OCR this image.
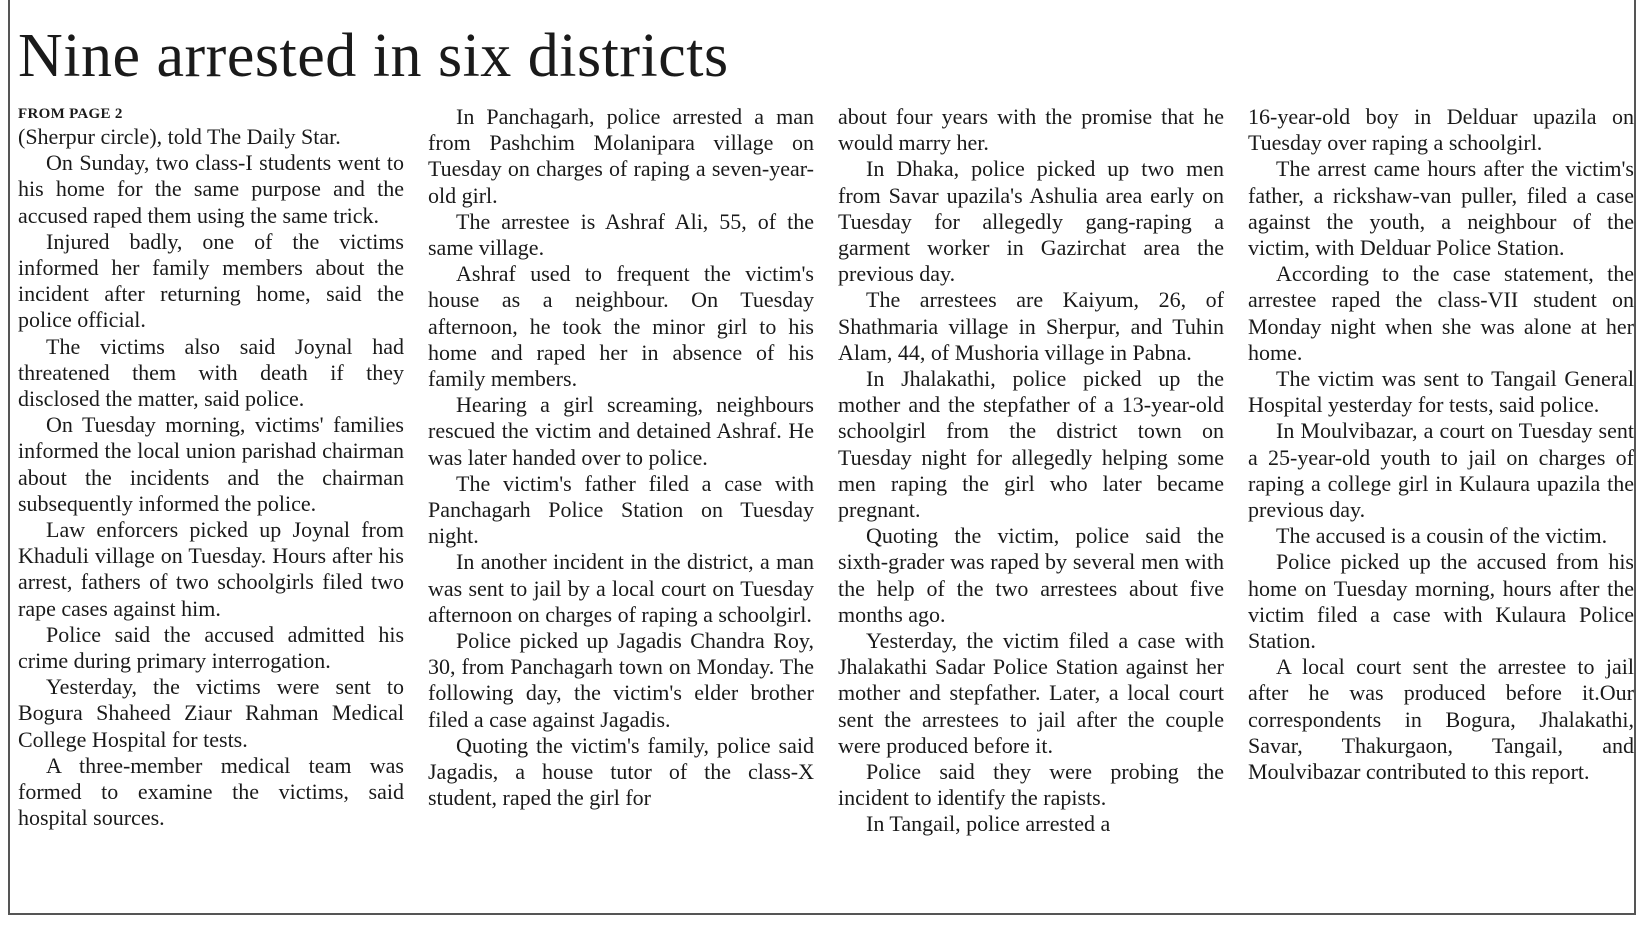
Nine arrested in six districts
FROM PAGE 2

(Sherpur circle), told The Daily Star.

On Sunday, two class-I students went to his home for the same purpose and the accused raped them using the same trick.

Injured badly, one of the victims informed her family members about the incident after returning home, said the police official.

The victims also said Joynal had threatened them with death if they disclosed the matter, said police.

On Tuesday morning, victims' families informed the local union parishad chairman about the incidents and the chairman subsequently informed the police.

Law enforcers picked up Joynal from Khaduli village on Tuesday. Hours after his arrest, fathers of two schoolgirls filed two rape cases against him.

Police said the accused admitted his crime during primary interrogation.

Yesterday, the victims were sent to Bogura Shaheed Ziaur Rahman Medical College Hospital for tests.

A three-member medical team was formed to examine the victims, said hospital sources.

In Panchagarh, police arrested a man from Pashchim Molanipara village on Tuesday on charges of raping a seven-year-old girl.

The arrestee is Ashraf Ali, 55, of the same village.

Ashraf used to frequent the victim's house as a neighbour. On Tuesday afternoon, he took the minor girl to his home and raped her in absence of his family members.

Hearing a girl screaming, neighbours rescued the victim and detained Ashraf. He was later handed over to police.

The victim's father filed a case with Panchagarh Police Station on Tuesday night.

In another incident in the district, a man was sent to jail by a local court on Tuesday afternoon on charges of raping a schoolgirl.

Police picked up Jagadis Chandra Roy, 30, from Panchagarh town on Monday. The following day, the victim's elder brother filed a case against Jagadis.

Quoting the victim's family, police said Jagadis, a house tutor of the class-X student, raped the girl for

about four years with the promise that he would marry her.

In Dhaka, police picked up two men from Savar upazila's Ashulia area early on Tuesday for allegedly gang-raping a garment worker in Gazirchat area the previous day.

The arrestees are Kaiyum, 26, of Shathmaria village in Sherpur, and Tuhin Alam, 44, of Mushoria village in Pabna.

In Jhalakathi, police picked up the mother and the stepfather of a 13-year-old schoolgirl from the district town on Tuesday night for allegedly helping some men raping the girl who later became pregnant.

Quoting the victim, police said the sixth-grader was raped by several men with the help of the two arrestees about five months ago.

Yesterday, the victim filed a case with Jhalakathi Sadar Police Station against her mother and stepfather. Later, a local court sent the arrestees to jail after the couple were produced before it.

Police said they were probing the incident to identify the rapists.

In Tangail, police arrested a

16-year-old boy in Delduar upazila on Tuesday over raping a schoolgirl.

The arrest came hours after the victim's father, a rickshaw-van puller, filed a case against the youth, a neighbour of the victim, with Delduar Police Station.

According to the case statement, the arrestee raped the class-VII student on Monday night when she was alone at her home.

The victim was sent to Tangail General Hospital yesterday for tests, said police.

In Moulvibazar, a court on Tuesday sent a 25-year-old youth to jail on charges of raping a college girl in Kulaura upazila the previous day.

The accused is a cousin of the victim.

Police picked up the accused from his home on Tuesday morning, hours after the victim filed a case with Kulaura Police Station.

A local court sent the arrestee to jail after he was produced before it.Our correspondents in Bogura, Jhalakathi, Savar, Thakurgaon, Tangail, and Moulvibazar contributed to this report.
